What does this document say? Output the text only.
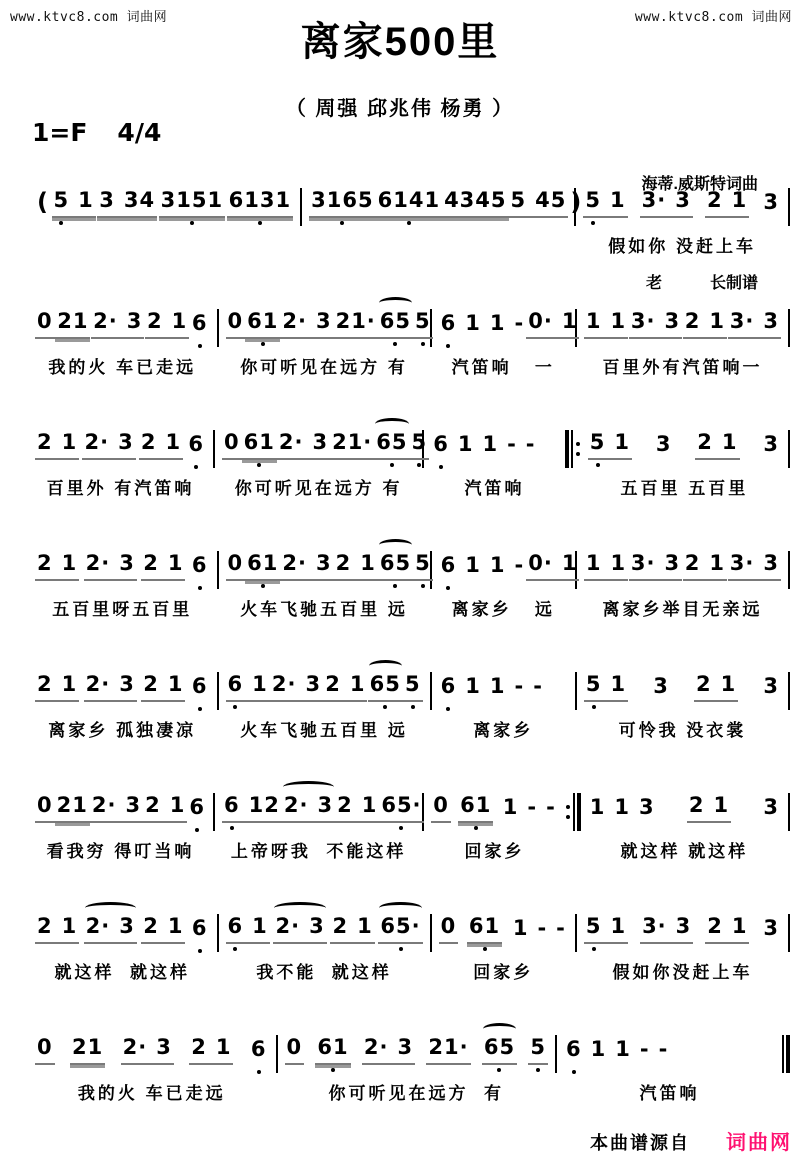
www.ktvc8.com 词曲网	www.ktvc8.com 词曲网
离家500里
（ 周强 邱兆伟 杨勇 ）

海蒂.威斯特词曲

老　　　长制谱

1=F 4/4
( 5 1 3 34 3151 6131 3165 6141 4345 5 45 ) 5 1 3· 3 2 1 3
假如你 没赶上车
0 21 2· 3 2 1 6
我的火 车已走远
0 61 2· 3 21· 65 5
你可听见在远方 有
6 1 1 - 0· 1
汽笛响   一
1 1 3· 3 2 1 3· 3
百里外有汽笛响一
2 1 2· 3 2 1 6
百里外 有汽笛响
0 61 2· 3 21· 65 5
你可听见在远方 有
6 1 1 - -
汽笛响
5 1 3 2 1 3
五百里 五百里
2 1 2· 3 2 1 6
五百里呀五百里
0 61 2· 3 2 1 65 5
火车飞驰五百里 远
6 1 1 - 0· 1
离家乡   远
1 1 3· 3 2 1 3· 3
离家乡举目无亲远
2 1 2· 3 2 1 6
离家乡 孤独凄凉
6 1 2· 3 2 1 65 5
火车飞驰五百里 远
6 1 1 - -
离家乡
5 1 3 2 1 3
可怜我 没衣裳
0 21 2· 3 2 1 6
看我穷 得叮当响
6 12 2· 3 2 1 65·
上帝呀我  不能这样
0 61 1 - -
回家乡
1 1 3 2 1 3
就这样 就这样
2 1 2· 3 2 1 6
就这样  就这样
6 1 2· 3 2 1 65·
我不能  就这样
0 61 1 - -
回家乡
5 1 3· 3 2 1 3
假如你没赶上车
0 21 2· 3 2 1 6
我的火 车已走远
0 61 2· 3 21· 65 5
你可听见在远方  有
6 1 1 - -
汽笛响
本曲谱源自 词曲网
